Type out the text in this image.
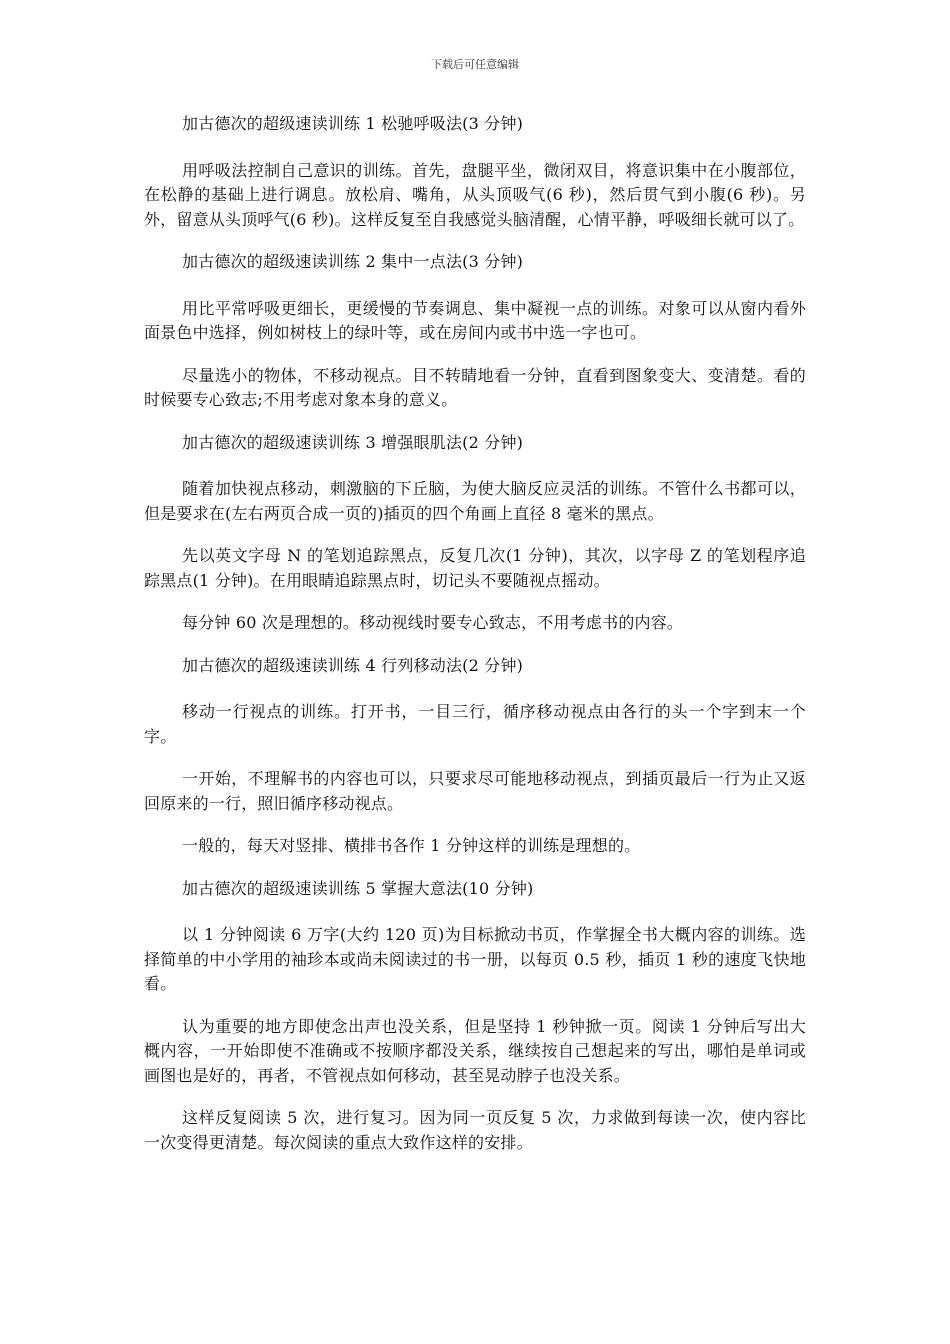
下载后可任意编辑

加古德次的超级速读训练 1 松驰呼吸法(3 分钟)

用呼吸法控制自己意识的训练。首先，盘腿平坐，微闭双目，将意识集中在小腹部位，在松静的基础上进行调息。放松肩、嘴角，从头顶吸气(6 秒)，然后贯气到小腹(6 秒)。另外，留意从头顶呼气(6 秒)。这样反复至自我感觉头脑清醒，心情平静，呼吸细长就可以了。

加古德次的超级速读训练 2 集中一点法(3 分钟)

用比平常呼吸更细长，更缓慢的节奏调息、集中凝视一点的训练。对象可以从窗内看外面景色中选择，例如树枝上的绿叶等，或在房间内或书中选一字也可。

尽量选小的物体，不移动视点。目不转睛地看一分钟，直看到图象变大、变清楚。看的时候要专心致志;不用考虑对象本身的意义。

加古德次的超级速读训练 3 增强眼肌法(2 分钟)

随着加快视点移动，刺激脑的下丘脑，为使大脑反应灵活的训练。不管什么书都可以，但是要求在(左右两页合成一页的)插页的四个角画上直径 8 毫米的黑点。

先以英文字母 N 的笔划追踪黑点，反复几次(1 分钟)，其次，以字母 Z 的笔划程序追踪黑点(1 分钟)。在用眼睛追踪黑点时，切记头不要随视点摇动。

每分钟 60 次是理想的。移动视线时要专心致志，不用考虑书的内容。

加古德次的超级速读训练 4 行列移动法(2 分钟)

移动一行视点的训练。打开书，一目三行，循序移动视点由各行的头一个字到末一个字。

一开始，不理解书的内容也可以，只要求尽可能地移动视点，到插页最后一行为止又返回原来的一行，照旧循序移动视点。

一般的，每天对竖排、横排书各作 1 分钟这样的训练是理想的。

加古德次的超级速读训练 5 掌握大意法(10 分钟)

以 1 分钟阅读 6 万字(大约 120 页)为目标掀动书页，作掌握全书大概内容的训练。选择简单的中小学用的袖珍本或尚未阅读过的书一册，以每页 0.5 秒，插页 1 秒的速度飞快地看。

认为重要的地方即使念出声也没关系，但是坚持 1 秒钟掀一页。阅读 1 分钟后写出大概内容，一开始即使不准确或不按顺序都没关系，继续按自己想起来的写出，哪怕是单词或画图也是好的，再者，不管视点如何移动，甚至晃动脖子也没关系。

这样反复阅读 5 次，进行复习。因为同一页反复 5 次，力求做到每读一次，使内容比一次变得更清楚。每次阅读的重点大致作这样的安排。
